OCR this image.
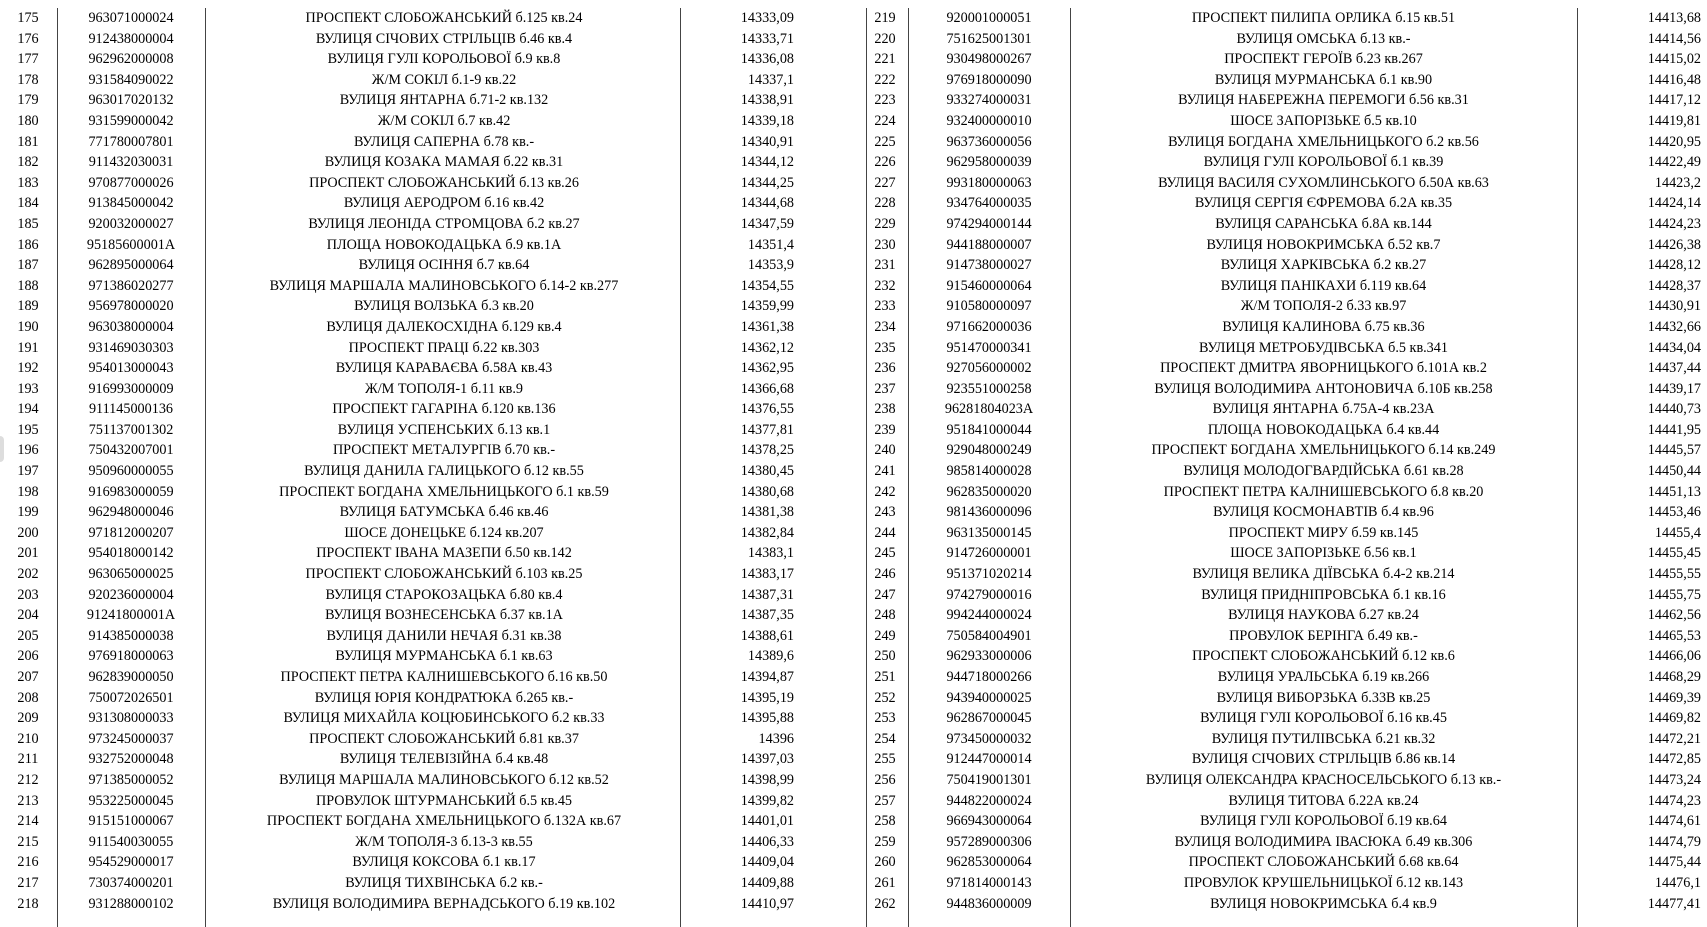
175	963071000024	ПРОСПЕКТ СЛОБОЖАНСЬКИЙ б.125 кв.24	14333,09
176	912438000004	ВУЛИЦЯ СІЧОВИХ СТРІЛЬЦІВ б.46 кв.4	14333,71
177	962962000008	ВУЛИЦЯ ГУЛІ КОРОЛЬОВОЇ б.9 кв.8	14336,08
178	931584090022	Ж/М СОКІЛ б.1-9 кв.22	14337,1
179	963017020132	ВУЛИЦЯ ЯНТАРНА б.71-2 кв.132	14338,91
180	931599000042	Ж/М СОКІЛ б.7 кв.42	14339,18
181	771780007801	ВУЛИЦЯ САПЕРНА б.78 кв.-	14340,91
182	911432030031	ВУЛИЦЯ КОЗАКА МАМАЯ б.22 кв.31	14344,12
183	970877000026	ПРОСПЕКТ СЛОБОЖАНСЬКИЙ б.13 кв.26	14344,25
184	913845000042	ВУЛИЦЯ АЕРОДРОМ б.16 кв.42	14344,68
185	920032000027	ВУЛИЦЯ ЛЕОНІДА СТРОМЦОВА б.2 кв.27	14347,59
186	95185600001A	ПЛОЩА НОВОКОДАЦЬКА б.9 кв.1А	14351,4
187	962895000064	ВУЛИЦЯ ОСІННЯ б.7 кв.64	14353,9
188	971386020277	ВУЛИЦЯ МАРШАЛА МАЛИНОВСЬКОГО б.14-2 кв.277	14354,55
189	956978000020	ВУЛИЦЯ ВОЛЗЬКА б.3 кв.20	14359,99
190	963038000004	ВУЛИЦЯ ДАЛЕКОСХІДНА б.129 кв.4	14361,38
191	931469030303	ПРОСПЕКТ ПРАЦІ б.22 кв.303	14362,12
192	954013000043	ВУЛИЦЯ КАРАВАЄВА б.58А кв.43	14362,95
193	916993000009	Ж/М ТОПОЛЯ-1 б.11 кв.9	14366,68
194	911145000136	ПРОСПЕКТ ГАГАРІНА б.120 кв.136	14376,55
195	751137001302	ВУЛИЦЯ УСПЕНСЬКИХ б.13 кв.1	14377,81
196	750432007001	ПРОСПЕКТ МЕТАЛУРГІВ б.70 кв.-	14378,25
197	950960000055	ВУЛИЦЯ ДАНИЛА ГАЛИЦЬКОГО б.12 кв.55	14380,45
198	916983000059	ПРОСПЕКТ БОГДАНА ХМЕЛЬНИЦЬКОГО б.1 кв.59	14380,68
199	962948000046	ВУЛИЦЯ БАТУМСЬКА б.46 кв.46	14381,38
200	971812000207	ШОСЕ ДОНЕЦЬКЕ б.124 кв.207	14382,84
201	954018000142	ПРОСПЕКТ ІВАНА МАЗЕПИ б.50 кв.142	14383,1
202	963065000025	ПРОСПЕКТ СЛОБОЖАНСЬКИЙ б.103 кв.25	14383,17
203	920236000004	ВУЛИЦЯ СТАРОКОЗАЦЬКА б.80 кв.4	14387,31
204	91241800001A	ВУЛИЦЯ ВОЗНЕСЕНСЬКА б.37 кв.1А	14387,35
205	914385000038	ВУЛИЦЯ ДАНИЛИ НЕЧАЯ б.31 кв.38	14388,61
206	976918000063	ВУЛИЦЯ МУРМАНСЬКА б.1 кв.63	14389,6
207	962839000050	ПРОСПЕКТ ПЕТРА КАЛНИШЕВСЬКОГО б.16 кв.50	14394,87
208	750072026501	ВУЛИЦЯ ЮРІЯ КОНДРАТЮКА б.265 кв.-	14395,19
209	931308000033	ВУЛИЦЯ МИХАЙЛА КОЦЮБИНСЬКОГО б.2 кв.33	14395,88
210	973245000037	ПРОСПЕКТ СЛОБОЖАНСЬКИЙ б.81 кв.37	14396
211	932752000048	ВУЛИЦЯ ТЕЛЕВІЗІЙНА б.4 кв.48	14397,03
212	971385000052	ВУЛИЦЯ МАРШАЛА МАЛИНОВСЬКОГО б.12 кв.52	14398,99
213	953225000045	ПРОВУЛОК ШТУРМАНСЬКИЙ б.5 кв.45	14399,82
214	915151000067	ПРОСПЕКТ БОГДАНА ХМЕЛЬНИЦЬКОГО б.132А кв.67	14401,01
215	911540030055	Ж/М ТОПОЛЯ-3 б.13-3 кв.55	14406,33
216	954529000017	ВУЛИЦЯ КОКСОВА б.1 кв.17	14409,04
217	730374000201	ВУЛИЦЯ ТИХВІНСЬКА б.2 кв.-	14409,88
218	931288000102	ВУЛИЦЯ ВОЛОДИМИРА ВЕРНАДСЬКОГО б.19 кв.102	14410,97
219	920001000051	ПРОСПЕКТ ПИЛИПА ОРЛИКА б.15 кв.51	14413,68
220	751625001301	ВУЛИЦЯ ОМСЬКА б.13 кв.-	14414,56
221	930498000267	ПРОСПЕКТ ГЕРОЇВ б.23 кв.267	14415,02
222	976918000090	ВУЛИЦЯ МУРМАНСЬКА б.1 кв.90	14416,48
223	933274000031	ВУЛИЦЯ НАБЕРЕЖНА ПЕРЕМОГИ б.56 кв.31	14417,12
224	932400000010	ШОСЕ ЗАПОРІЗЬКЕ б.5 кв.10	14419,81
225	963736000056	ВУЛИЦЯ БОГДАНА ХМЕЛЬНИЦЬКОГО б.2 кв.56	14420,95
226	962958000039	ВУЛИЦЯ ГУЛІ КОРОЛЬОВОЇ б.1 кв.39	14422,49
227	993180000063	ВУЛИЦЯ ВАСИЛЯ СУХОМЛИНСЬКОГО б.50А кв.63	14423,2
228	934764000035	ВУЛИЦЯ СЕРГІЯ ЄФРЕМОВА б.2А кв.35	14424,14
229	974294000144	ВУЛИЦЯ САРАНСЬКА б.8А кв.144	14424,23
230	944188000007	ВУЛИЦЯ НОВОКРИМСЬКА б.52 кв.7	14426,38
231	914738000027	ВУЛИЦЯ ХАРКІВСЬКА б.2 кв.27	14428,12
232	915460000064	ВУЛИЦЯ ПАНІКАХИ б.119 кв.64	14428,37
233	910580000097	Ж/М ТОПОЛЯ-2 б.33 кв.97	14430,91
234	971662000036	ВУЛИЦЯ КАЛИНОВА б.75 кв.36	14432,66
235	951470000341	ВУЛИЦЯ МЕТРОБУДІВСЬКА б.5 кв.341	14434,04
236	927056000002	ПРОСПЕКТ ДМИТРА ЯВОРНИЦЬКОГО б.101А кв.2	14437,44
237	923551000258	ВУЛИЦЯ ВОЛОДИМИРА АНТОНОВИЧА б.10Б кв.258	14439,17
238	96281804023A	ВУЛИЦЯ ЯНТАРНА б.75А-4 кв.23А	14440,73
239	951841000044	ПЛОЩА НОВОКОДАЦЬКА б.4 кв.44	14441,95
240	929048000249	ПРОСПЕКТ БОГДАНА ХМЕЛЬНИЦЬКОГО б.14 кв.249	14445,57
241	985814000028	ВУЛИЦЯ МОЛОДОГВАРДІЙСЬКА б.61 кв.28	14450,44
242	962835000020	ПРОСПЕКТ ПЕТРА КАЛНИШЕВСЬКОГО б.8 кв.20	14451,13
243	981436000096	ВУЛИЦЯ КОСМОНАВТІВ б.4 кв.96	14453,46
244	963135000145	ПРОСПЕКТ МИРУ б.59 кв.145	14455,4
245	914726000001	ШОСЕ ЗАПОРІЗЬКЕ б.56 кв.1	14455,45
246	951371020214	ВУЛИЦЯ ВЕЛИКА ДІЇВСЬКА б.4-2 кв.214	14455,55
247	974279000016	ВУЛИЦЯ ПРИДНІПРОВСЬКА б.1 кв.16	14455,75
248	994244000024	ВУЛИЦЯ НАУКОВА б.27 кв.24	14462,56
249	750584004901	ПРОВУЛОК БЕРІНГА б.49 кв.-	14465,53
250	962933000006	ПРОСПЕКТ СЛОБОЖАНСЬКИЙ б.12 кв.6	14466,06
251	944718000266	ВУЛИЦЯ УРАЛЬСЬКА б.19 кв.266	14468,29
252	943940000025	ВУЛИЦЯ ВИБОРЗЬКА б.33В кв.25	14469,39
253	962867000045	ВУЛИЦЯ ГУЛІ КОРОЛЬОВОЇ б.16 кв.45	14469,82
254	973450000032	ВУЛИЦЯ ПУТИЛІВСЬКА б.21 кв.32	14472,21
255	912447000014	ВУЛИЦЯ СІЧОВИХ СТРІЛЬЦІВ б.86 кв.14	14472,85
256	750419001301	ВУЛИЦЯ ОЛЕКСАНДРА КРАСНОСЕЛЬСЬКОГО б.13 кв.-	14473,24
257	944822000024	ВУЛИЦЯ ТИТОВА б.22А кв.24	14474,23
258	966943000064	ВУЛИЦЯ ГУЛІ КОРОЛЬОВОЇ б.19 кв.64	14474,61
259	957289000306	ВУЛИЦЯ ВОЛОДИМИРА ІВАСЮКА б.49 кв.306	14474,79
260	962853000064	ПРОСПЕКТ СЛОБОЖАНСЬКИЙ б.68 кв.64	14475,44
261	971814000143	ПРОВУЛОК КРУШЕЛЬНИЦЬКОЇ б.12 кв.143	14476,1
262	944836000009	ВУЛИЦЯ НОВОКРИМСЬКА б.4 кв.9	14477,41
